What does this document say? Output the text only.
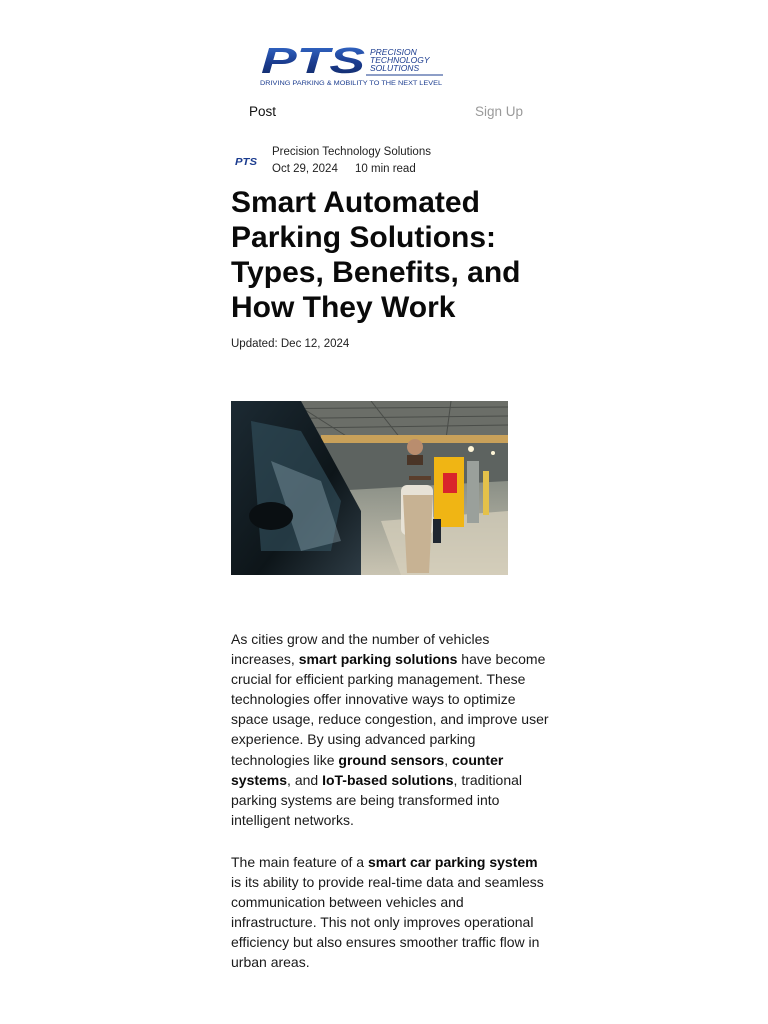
PTS PRECISION
TECHNOLOGY
SOLUTIONS
DRIVING PARKING & MOBILITY TO THE NEXT LEVEL
Post	Sign Up
PTS
Precision Technology Solutions
Oct 29, 2024 10 min read
Smart Automated Parking Solutions: Types, Benefits, and How They Work
Updated: Dec 12, 2024

As cities grow and the number of vehicles increases, smart parking solutions have become crucial for efficient parking management. These technologies offer innovative ways to optimize space usage, reduce congestion, and improve user experience. By using advanced parking technologies like ground sensors, counter systems, and IoT-based solutions, traditional parking systems are being transformed into intelligent networks.

The main feature of a smart car parking system is its ability to provide real-time data and seamless communication between vehicles and infrastructure. This not only improves operational efficiency but also ensures smoother traffic flow in urban areas.
